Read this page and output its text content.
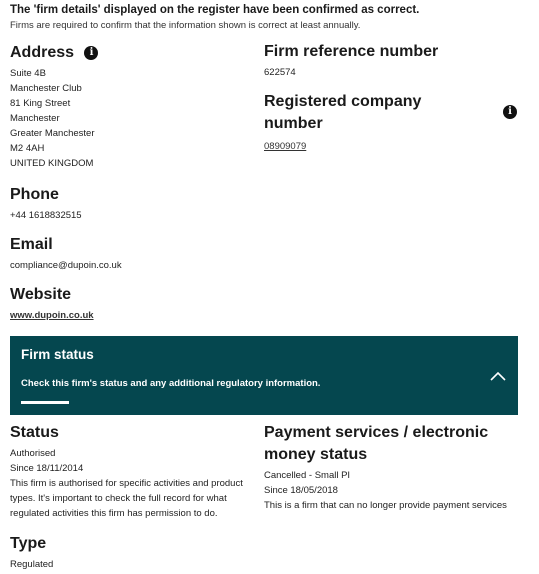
The 'firm details' displayed on the register have been confirmed as correct.
Firms are required to confirm that the information shown is correct at least annually.
Address i
Suite 4B
Manchester Club
81 King Street
Manchester
Greater Manchester
M2 4AH
UNITED KINGDOM
Firm reference number
622574
Registered company
number
i
08909079
Phone
+44 1618832515
Email
compliance@dupoin.co.uk
Website
www.dupoin.co.uk
Firm status
Check this firm's status and any additional regulatory information.
Status
Authorised
Since 18/11/2014
This firm is authorised for specific activities and product
types. It's important to check the full record for what
regulated activities this firm has permission to do.
Payment services / electronic
money status
Cancelled - Small PI
Since 18/05/2018
This is a firm that can no longer provide payment services
Type
Regulated
